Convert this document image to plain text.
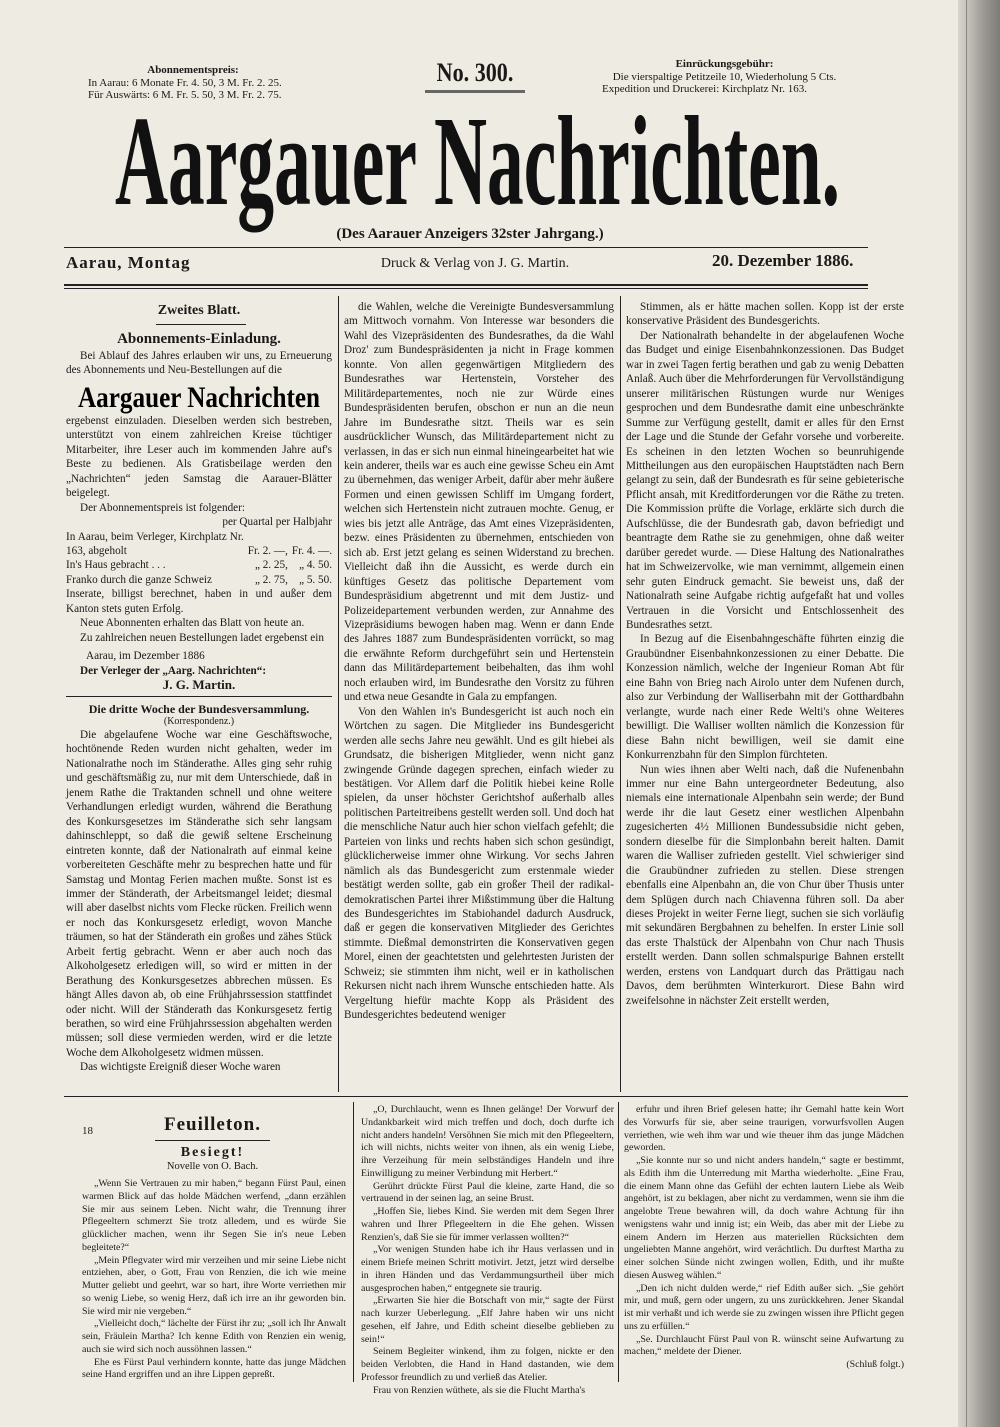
Abonnementspreis:
In Aarau: 6 Monate Fr. 4. 50, 3 M. Fr. 2. 25.
Für Auswärts: 6 M. Fr. 5. 50, 3 M. Fr. 2. 75.
No. 300.	Einrückungsgebühr:
Die vierspaltige Petitzeile 10, Wiederholung 5 Cts.
Expedition und Druckerei: Kirchplatz Nr. 163.
Aargauer Nachrichten.
(Des Aarauer Anzeigers 32ster Jahrgang.)
Aarau, Montag	Druck & Verlag von J. G. Martin.	20. Dezember 1886.

Zweites Blatt.

Abonnements-Einladung.

Bei Ablauf des Jahres erlauben wir uns, zu Erneuerung des Abonnements und Neu-Bestellungen auf die

Aargauer Nachrichten

ergebenst einzuladen. Dieselben werden sich bestreben, unterstützt von einem zahlreichen Kreise tüchtiger Mitarbeiter, ihre Leser auch im kommenden Jahre auf's Beste zu bedienen. Als Gratisbeilage werden den „Nachrichten“ jeden Samstag die Aarauer-Blätter beigelegt.

Der Abonnementspreis ist folgender:

per Quartal per Halbjahr

In Aarau, beim Verleger, Kirchplatz Nr. 163, abgeholt	Fr. 2. —,	Fr. 4. —.
In's Haus gebracht . . .	„ 2. 25,	„ 4. 50.
Franko durch die ganze Schweiz	„ 2. 75,	„ 5. 50.

Inserate, billigst berechnet, haben in und außer dem Kanton stets guten Erfolg.

Neue Abonnenten erhalten das Blatt von heute an.

Zu zahlreichen neuen Bestellungen ladet ergebenst ein

Aarau, im Dezember 1886

Der Verleger der „Aarg. Nachrichten“:

J. G. Martin.

Die dritte Woche der Bundesversammlung.

(Korrespondenz.)

Die abgelaufene Woche war eine Geschäftswoche, hochtönende Reden wurden nicht gehalten, weder im Nationalrathe noch im Ständerathe. Alles ging sehr ruhig und geschäftsmäßig zu, nur mit dem Unterschiede, daß in jenem Rathe die Traktanden schnell und ohne weitere Verhandlungen erledigt wurden, während die Berathung des Konkursgesetzes im Ständerathe sich sehr langsam dahinschleppt, so daß die gewiß seltene Erscheinung eintreten konnte, daß der Nationalrath auf einmal keine vorbereiteten Geschäfte mehr zu besprechen hatte und für Samstag und Montag Ferien machen mußte. Sonst ist es immer der Ständerath, der Arbeitsmangel leidet; diesmal will aber daselbst nichts vom Flecke rücken. Freilich wenn er noch das Konkursgesetz erledigt, wovon Manche träumen, so hat der Ständerath ein großes und zähes Stück Arbeit fertig gebracht. Wenn er aber auch noch das Alkoholgesetz erledigen will, so wird er mitten in der Berathung des Konkursgesetzes abbrechen müssen. Es hängt Alles davon ab, ob eine Frühjahrssession stattfindet oder nicht. Will der Ständerath das Konkursgesetz fertig berathen, so wird eine Frühjahrssession abgehalten werden müssen; soll diese vermieden werden, wird er die letzte Woche dem Alkoholgesetz widmen müssen.

Das wichtigste Ereigniß dieser Woche waren

die Wahlen, welche die Vereinigte Bundesversammlung am Mittwoch vornahm. Von Interesse war besonders die Wahl des Vizepräsidenten des Bundesrathes, da die Wahl Droz' zum Bundespräsidenten ja nicht in Frage kommen konnte. Von allen gegenwärtigen Mitgliedern des Bundesrathes war Hertenstein, Vorsteher des Militärdepartementes, noch nie zur Würde eines Bundespräsidenten berufen, obschon er nun an die neun Jahre im Bundesrathe sitzt. Theils war es sein ausdrücklicher Wunsch, das Militärdepartement nicht zu verlassen, in das er sich nun einmal hineingearbeitet hat wie kein anderer, theils war es auch eine gewisse Scheu ein Amt zu übernehmen, das weniger Arbeit, dafür aber mehr äußere Formen und einen gewissen Schliff im Umgang fordert, welchen sich Hertenstein nicht zutrauen mochte. Genug, er wies bis jetzt alle Anträge, das Amt eines Vizepräsidenten, bezw. eines Präsidenten zu übernehmen, entschieden von sich ab. Erst jetzt gelang es seinen Widerstand zu brechen. Vielleicht daß ihn die Aussicht, es werde durch ein künftiges Gesetz das politische Departement vom Bundespräsidium abgetrennt und mit dem Justiz- und Polizeidepartement verbunden werden, zur Annahme des Vizepräsidiums bewogen haben mag. Wenn er dann Ende des Jahres 1887 zum Bundespräsidenten vorrückt, so mag die erwähnte Reform durchgeführt sein und Hertenstein dann das Militärdepartement beibehalten, das ihm wohl noch erlauben wird, im Bundesrathe den Vorsitz zu führen und etwa neue Gesandte in Gala zu empfangen.

Von den Wahlen in's Bundesgericht ist auch noch ein Wörtchen zu sagen. Die Mitglieder ins Bundesgericht werden alle sechs Jahre neu gewählt. Und es gilt hiebei als Grundsatz, die bisherigen Mitglieder, wenn nicht ganz zwingende Gründe dagegen sprechen, einfach wieder zu bestätigen. Vor Allem darf die Politik hiebei keine Rolle spielen, da unser höchster Gerichtshof außerhalb alles politischen Parteitreibens gestellt werden soll. Und doch hat die menschliche Natur auch hier schon vielfach gefehlt; die Parteien von links und rechts haben sich schon gesündigt, glücklicherweise immer ohne Wirkung. Vor sechs Jahren nämlich als das Bundesgericht zum erstenmale wieder bestätigt werden sollte, gab ein großer Theil der radikal-demokratischen Partei ihrer Mißstimmung über die Haltung des Bundesgerichtes im Stabiohandel dadurch Ausdruck, daß er gegen die konservativen Mitglieder des Gerichtes stimmte. Dießmal demonstrirten die Konservativen gegen Morel, einen der geachtetsten und gelehrtesten Juristen der Schweiz; sie stimmten ihm nicht, weil er in katholischen Rekursen nicht nach ihrem Wunsche entschieden hatte. Als Vergeltung hiefür machte Kopp als Präsident des Bundesgerichtes bedeutend weniger

Stimmen, als er hätte machen sollen. Kopp ist der erste konservative Präsident des Bundesgerichts.

Der Nationalrath behandelte in der abgelaufenen Woche das Budget und einige Eisenbahnkonzessionen. Das Budget war in zwei Tagen fertig berathen und gab zu wenig Debatten Anlaß. Auch über die Mehrforderungen für Vervollständigung unserer militärischen Rüstungen wurde nur Weniges gesprochen und dem Bundesrathe damit eine unbeschränkte Summe zur Verfügung gestellt, damit er alles für den Ernst der Lage und die Stunde der Gefahr vorsehe und vorbereite. Es scheinen in den letzten Wochen so beunruhigende Mittheilungen aus den europäischen Hauptstädten nach Bern gelangt zu sein, daß der Bundesrath es für seine gebieterische Pflicht ansah, mit Kreditforderungen vor die Räthe zu treten. Die Kommission prüfte die Vorlage, erklärte sich durch die Aufschlüsse, die der Bundesrath gab, davon befriedigt und beantragte dem Rathe sie zu genehmigen, ohne daß weiter darüber geredet wurde. — Diese Haltung des Nationalrathes hat im Schweizervolke, wie man vernimmt, allgemein einen sehr guten Eindruck gemacht. Sie beweist uns, daß der Nationalrath seine Aufgabe richtig aufgefaßt hat und volles Vertrauen in die Vorsicht und Entschlossenheit des Bundesrathes setzt.

In Bezug auf die Eisenbahngeschäfte führten einzig die Graubündner Eisenbahnkonzessionen zu einer Debatte. Die Konzession nämlich, welche der Ingenieur Roman Abt für eine Bahn von Brieg nach Airolo unter dem Nufenen durch, also zur Verbindung der Walliserbahn mit der Gotthardbahn verlangte, wurde nach einer Rede Welti's ohne Weiteres bewilligt. Die Walliser wollten nämlich die Konzession für diese Bahn nicht bewilligen, weil sie damit eine Konkurrenzbahn für den Simplon fürchteten.

Nun wies ihnen aber Welti nach, daß die Nufenenbahn immer nur eine Bahn untergeordneter Bedeutung, also niemals eine internationale Alpenbahn sein werde; der Bund werde ihr die laut Gesetz einer westlichen Alpenbahn zugesicherten 4½ Millionen Bundessubsidie nicht geben, sondern dieselbe für die Simplonbahn bereit halten. Damit waren die Walliser zufrieden gestellt. Viel schwieriger sind die Graubündner zufrieden zu stellen. Diese strengen ebenfalls eine Alpenbahn an, die von Chur über Thusis unter dem Splügen durch nach Chiavenna führen soll. Da aber dieses Projekt in weiter Ferne liegt, suchen sie sich vorläufig mit sekundären Bergbahnen zu behelfen. In erster Linie soll das erste Thalstück der Alpenbahn von Chur nach Thusis erstellt werden. Dann sollen schmalspurige Bahnen erstellt werden, erstens von Landquart durch das Prättigau nach Davos, dem berühmten Winterkurort. Diese Bahn wird zweifelsohne in nächster Zeit erstellt werden,

18	Feuilleton.
Besiegt!
Novelle von O. Bach.

„Wenn Sie Vertrauen zu mir haben,“ begann Fürst Paul, einen warmen Blick auf das holde Mädchen werfend, „dann erzählen Sie mir aus seinem Leben. Nicht wahr, die Trennung ihrer Pflegeeltern schmerzt Sie trotz alledem, und es würde Sie glücklicher machen, wenn ihr Segen Sie in's neue Leben begleitete?“

„Mein Pflegvater wird mir verzeihen und mir seine Liebe nicht entziehen, aber, o Gott, Frau von Renzien, die ich wie meine Mutter geliebt und geehrt, war so hart, ihre Worte verriethen mir so wenig Liebe, so wenig Herz, daß ich irre an ihr geworden bin. Sie wird mir nie vergeben.“

„Vielleicht doch,“ lächelte der Fürst ihr zu; „soll ich Ihr Anwalt sein, Fräulein Martha? Ich kenne Edith von Renzien ein wenig, auch sie wird sich noch aussöhnen lassen.“

Ehe es Fürst Paul verhindern konnte, hatte das junge Mädchen seine Hand ergriffen und an ihre Lippen gepreßt.

„O, Durchlaucht, wenn es Ihnen gelänge! Der Vorwurf der Undankbarkeit wird mich treffen und doch, doch durfte ich nicht anders handeln! Versöhnen Sie mich mit den Pflegeeltern, ich will nichts, nichts weiter von ihnen, als ein wenig Liebe, ihre Verzeihung für mein selbständiges Handeln und ihre Einwilligung zu meiner Verbindung mit Herbert.“

Gerührt drückte Fürst Paul die kleine, zarte Hand, die so vertrauend in der seinen lag, an seine Brust.

„Hoffen Sie, liebes Kind. Sie werden mit dem Segen Ihrer wahren und Ihrer Pflegeeltern in die Ehe gehen. Wissen Renzien's, daß Sie sie für immer verlassen wollten?“

„Vor wenigen Stunden habe ich ihr Haus verlassen und in einem Briefe meinen Schritt motivirt. Jetzt, jetzt wird derselbe in ihren Händen und das Verdammungsurtheil über mich ausgesprochen haben,“ entgegnete sie traurig.

„Erwarten Sie hier die Botschaft von mir,“ sagte der Fürst nach kurzer Ueberlegung. „Elf Jahre haben wir uns nicht gesehen, elf Jahre, und Edith scheint dieselbe geblieben zu sein!“

Seinem Begleiter winkend, ihm zu folgen, nickte er den beiden Verlobten, die Hand in Hand dastanden, wie dem Professor freundlich zu und verließ das Atelier.

Frau von Renzien wüthete, als sie die Flucht Martha's

erfuhr und ihren Brief gelesen hatte; ihr Gemahl hatte kein Wort des Vorwurfs für sie, aber seine traurigen, vorwurfsvollen Augen verriethen, wie weh ihm war und wie theuer ihm das junge Mädchen geworden.

„Sie konnte nur so und nicht anders handeln,“ sagte er bestimmt, als Edith ihm die Unterredung mit Martha wiederholte. „Eine Frau, die einem Mann ohne das Gefühl der echten lautern Liebe als Weib angehört, ist zu beklagen, aber nicht zu verdammen, wenn sie ihm die angelobte Treue bewahren will, da doch wahre Achtung für ihn wenigstens wahr und innig ist; ein Weib, das aber mit der Liebe zu einem Andern im Herzen aus materiellen Rücksichten dem ungeliebten Manne angehört, wird verächtlich. Du durftest Martha zu einer solchen Sünde nicht zwingen wollen, Edith, und ihr mußte diesen Ausweg wählen.“

„Den ich nicht dulden werde,“ rief Edith außer sich. „Sie gehört mir, und muß, gern oder ungern, zu uns zurückkehren. Jener Skandal ist mir verhaßt und ich werde sie zu zwingen wissen ihre Pflicht gegen uns zu erfüllen.“

„Se. Durchlaucht Fürst Paul von R. wünscht seine Aufwartung zu machen,“ meldete der Diener.

(Schluß folgt.)
